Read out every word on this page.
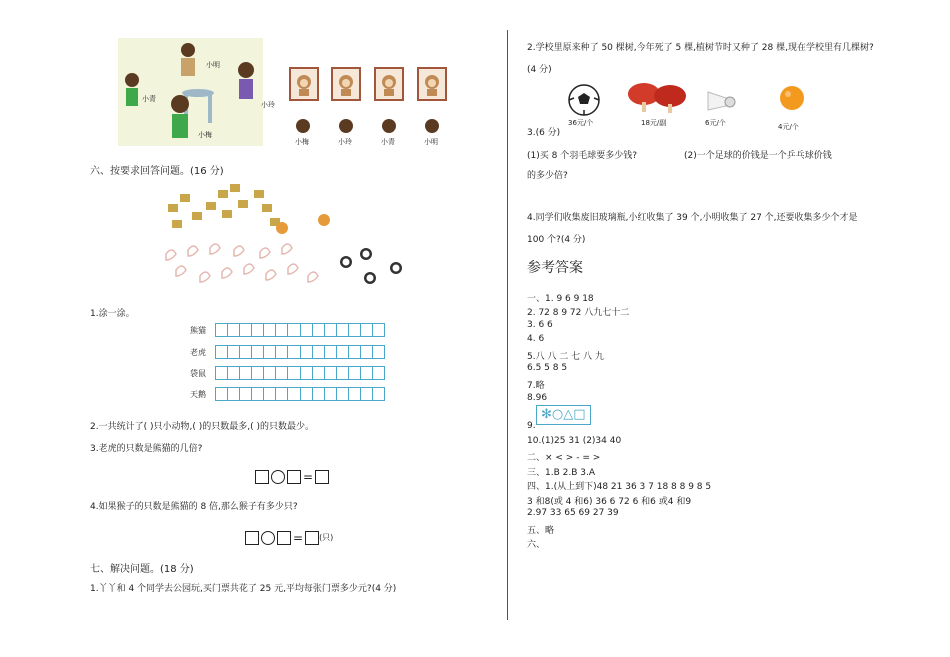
小明
小青
小玲
小梅
小梅	小玲	小青	小明
六、按要求回答问题。(16 分)
1.涂一涂。
熊猫
老虎
袋鼠
天鹅
2.一共统计了( )只小动物,( )的只数最多,( )的只数最少。
3.老虎的只数是熊猫的几倍?
=
4.如果猴子的只数是熊猫的 8 倍,那么猴子有多少只?
= (只)
七、解决问题。(18 分)
1.丫丫和 4 个同学去公园玩,买门票共花了 25 元,平均每张门票多少元?(4 分)
2.学校里原来种了 50 棵树,今年死了 5 棵,植树节时又种了 28 棵,现在学校里有几棵树?
(4 分)
36元/个	18元/副	6元/个	4元/个
3.(6 分)
(1)买 8 个羽毛球要多少钱?	(2)一个足球的价钱是一个乒乓球价钱
的多少倍?
4.同学们收集废旧玻璃瓶,小红收集了 39 个,小明收集了 27 个,还要收集多少个才是
100 个?(4 分)
参考答案
一、1. 9 6 9 18
2. 72 8 9 72 八九七十二
3. 6 6
4. 6
5.八 八 二 七 八 九
6.5 5 8 5
7.略
8.96
✻○△□
9.
10.(1)25 31 (2)34 40
二、× < > - = >
三、1.B 2.B 3.A
四、1.(从上到下)48 21 36 3 7 18 8 8 9 8 5
3 和8(或 4 和6) 36 6 72 6 和6 或4 和9
2.97 33 65 69 27 39
五、略
六、
